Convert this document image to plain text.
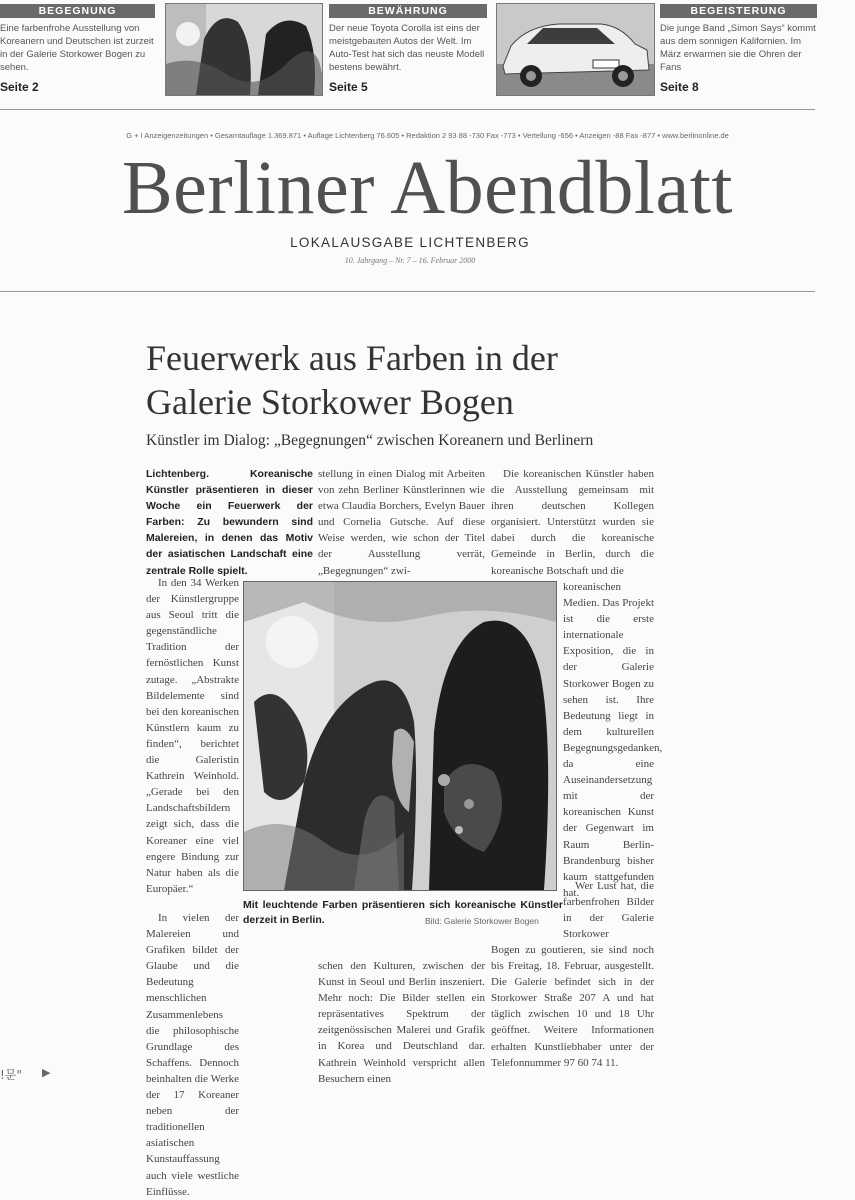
BEGEGNUNG
Eine farbenfrohe Ausstellung von Koreanern und Deutschen ist zurzeit in der Galerie Storkower Bogen zu sehen.
Seite 2
BEWÄHRUNG
Der neue Toyota Corolla ist eins der meistgebauten Autos der Welt. Im Auto-Test hat sich das neuste Modell bestens bewährt.
Seite 5
BEGEISTERUNG
Die junge Band „Simon Says“ kommt aus dem sonnigen Kalifornien. Im März erwarmen sie die Ohren der Fans
Seite 8
G + I Anzeigenzeitungen • Gesamtauflage 1.369.871 • Auflage Lichtenberg 76.605 • Redaktion 2 93 88 -730 Fax -773 • Vertellung -656 • Anzeigen -88 Fax -877 • www.berlinonline.de
Berliner Abendblatt
LOKALAUSGABE LICHTENBERG
10. Jahrgang – Nr. 7 – 16. Februar 2000
Feuerwerk aus Farben in der
Galerie Storkower Bogen
Künstler im Dialog: „Begegnungen“ zwischen Koreanern und Berlinern
Lichtenberg. Koreanische Künstler präsentieren in dieser Woche ein Feuerwerk der Farben: Zu bewundern sind Malereien, in denen das Motiv der asiatischen Landschaft eine zentrale Rolle spielt.
In den 34 Werken der Künstlergruppe aus Seoul tritt die gegenständliche Tradition der fernöstlichen Kunst zutage. „Abstrakte Bildelemente sind bei den koreanischen Künstlern kaum zu finden“, berichtet die Galeristin Kathrein Weinhold. „Gerade bei den Landschaftsbildern zeigt sich, dass die Koreaner eine viel engere Bindung zur Natur haben als die Europäer.“
In vielen der Malereien und Grafiken bildet der Glaube und die Bedeutung menschlichen Zusammenlebens die philosophische Grundlage des Schaffens. Dennoch beinhalten die Werke der 17 Koreaner neben der traditionellen asiatischen Kunstauffassung auch viele westliche Einflüsse.
stellung in einen Dialog mit Arbeiten von zehn Berliner Künstlerinnen wie etwa Claudia Borchers, Evelyn Bauer und Cornelia Gutsche. Auf diese Weise werden, wie schon der Titel der Ausstellung verrät, „Begegnungen“ zwi-
schen den Kulturen, zwischen der Kunst in Seoul und Berlin inszeniert. Mehr noch: Die Bilder stellen ein repräsentatives Spektrum der zeitgenössischen Malerei und Grafik in Korea und Deutschland dar. Kathrein Weinhold verspricht allen Besuchern einen
Die koreanischen Künstler haben die Ausstellung gemeinsam mit ihren deutschen Kollegen organisiert. Unterstützt wurden sie dabei durch die koreanische Gemeinde in Berlin, durch die koreanische Botschaft und die
koreanischen Medien. Das Projekt ist die erste internationale Exposition, die in der Galerie Storkower Bogen zu sehen ist. Ihre Bedeutung liegt in dem kulturellen Begegnungsgedanken, da eine Auseinandersetzung mit der koreanischen Kunst der Gegenwart im Raum Berlin-Brandenburg bisher kaum stattgefunden hat.
Wer Lust hat, die farbenfrohen Bilder in der Galerie Storkower
Bogen zu goutieren, sie sind noch bis Freitag, 18. Februar, ausgestellt. Die Galerie befindet sich in der Storkower Straße 207 A und hat täglich zwischen 10 und 18 Uhr geöffnet. Weitere Informationen erhalten Kunstliebhaber unter der Telefonnummer 97 60 74 11.
Mit leuchtende Farben präsentieren sich koreanische Künstler derzeit in Berlin.	Bild: Galerie Storkower Bogen
!문" ▶
